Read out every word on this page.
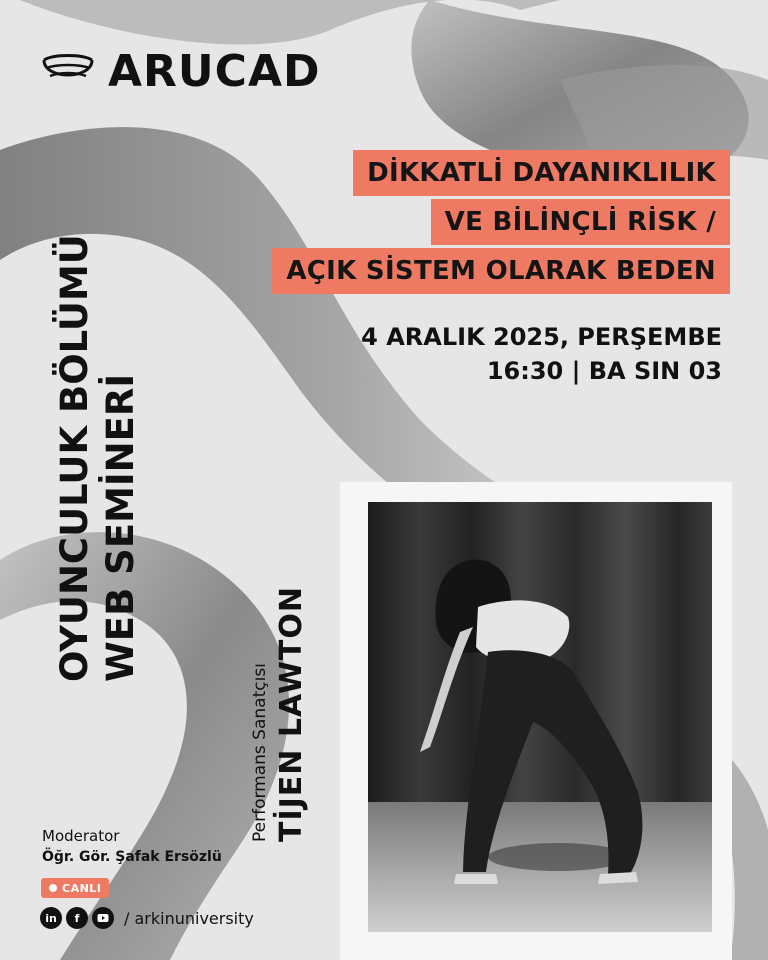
ARUCAD
DİKKATLİ DAYANIKLILIK
VE BİLİNÇLİ RİSK /
AÇIK SİSTEM OLARAK BEDEN
4 ARALIK 2025, PERŞEMBE
16:30 | BA SIN 03
OYUNCULUK BÖLÜMÜ WEB SEMİNERİ
Performans Sanatçısı TİJEN LAWTON
Moderator
Öğr. Gör. Şafak Ersözlü
CANLI
in	f	/ arkinuniversity
